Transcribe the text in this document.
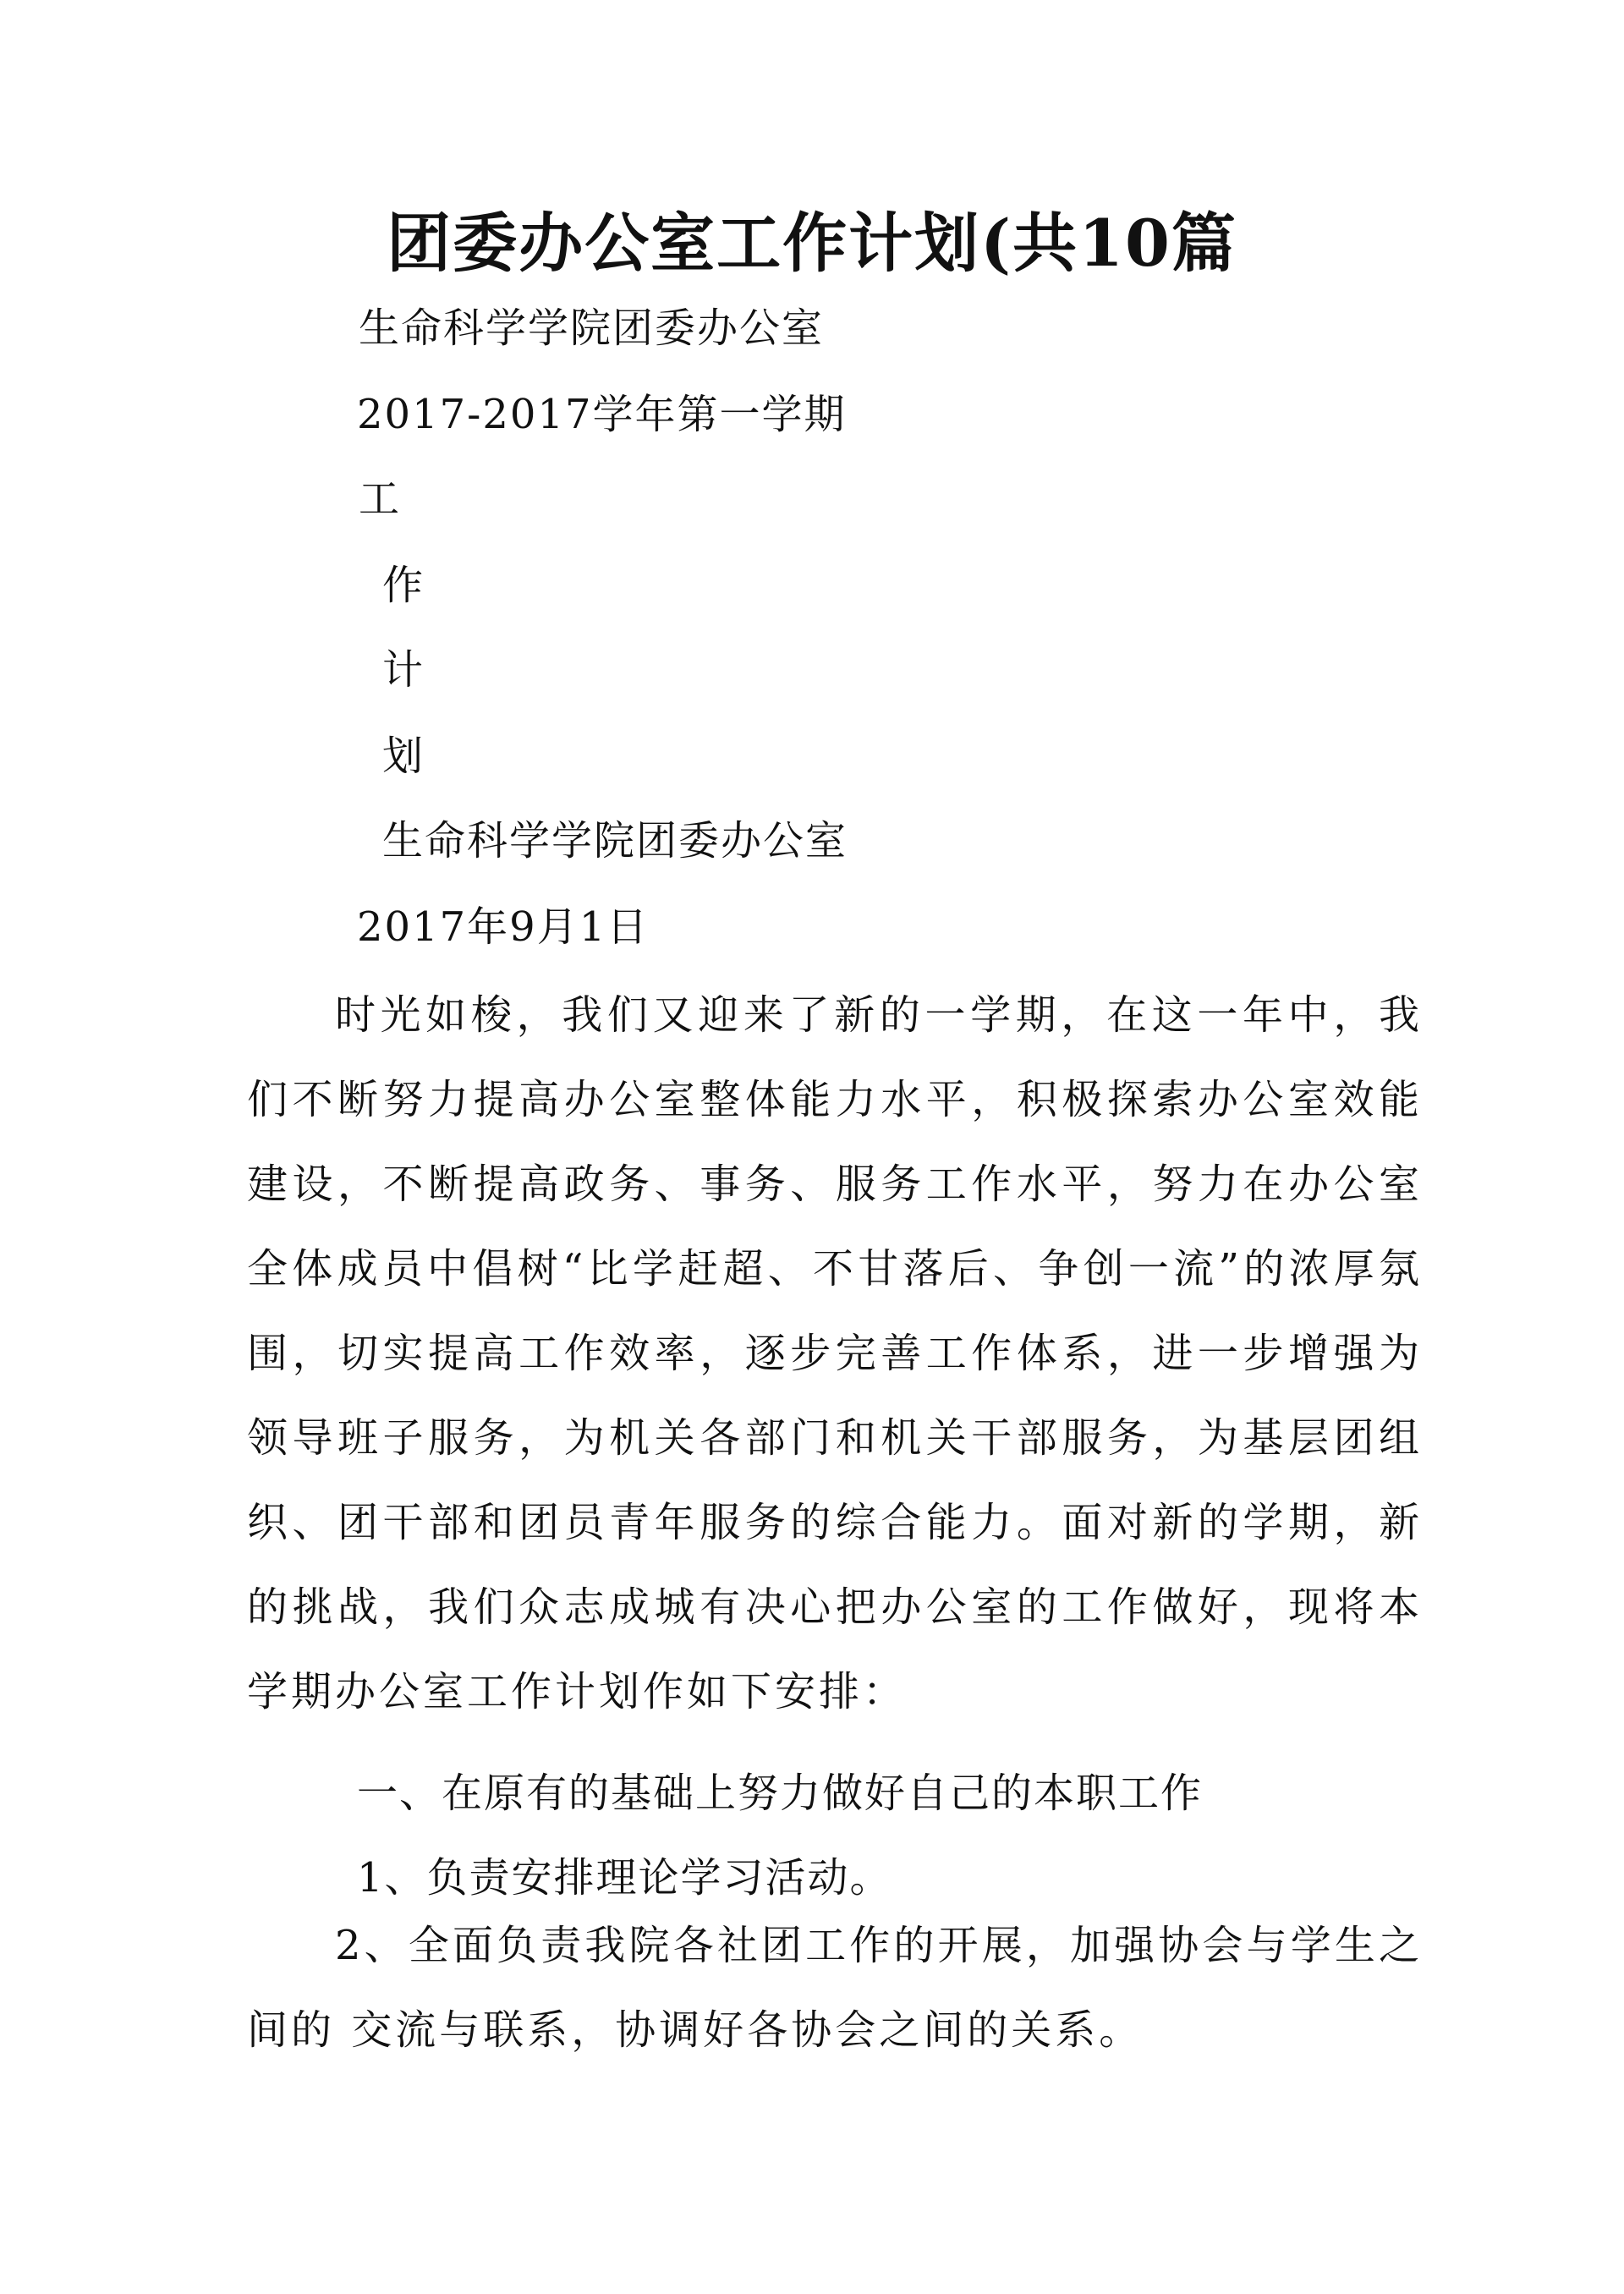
团委办公室工作计划(共10篇
生命科学学院团委办公室
2017-2017学年第一学期
工
作
计
划
生命科学学院团委办公室
2017年9月1日

时光如梭，我们又迎来了新的一学期，在这一年中，我们不断努力提高办公室整体能力水平，积极探索办公室效能建设，不断提高政务、事务、服务工作水平，努力在办公室全体成员中倡树“比学赶超、不甘落后、争创一流”的浓厚氛围，切实提高工作效率，逐步完善工作体系，进一步增强为领导班子服务，为机关各部门和机关干部服务，为基层团组织、团干部和团员青年服务的综合能力。面对新的学期，新的挑战，我们众志成城有决心把办公室的工作做好，现将本学期办公室工作计划作如下安排：

一、在原有的基础上努力做好自己的本职工作
1、负责安排理论学习活动。

2、全面负责我院各社团工作的开展，加强协会与学生之间的 交流与联系，协调好各协会之间的关系。
